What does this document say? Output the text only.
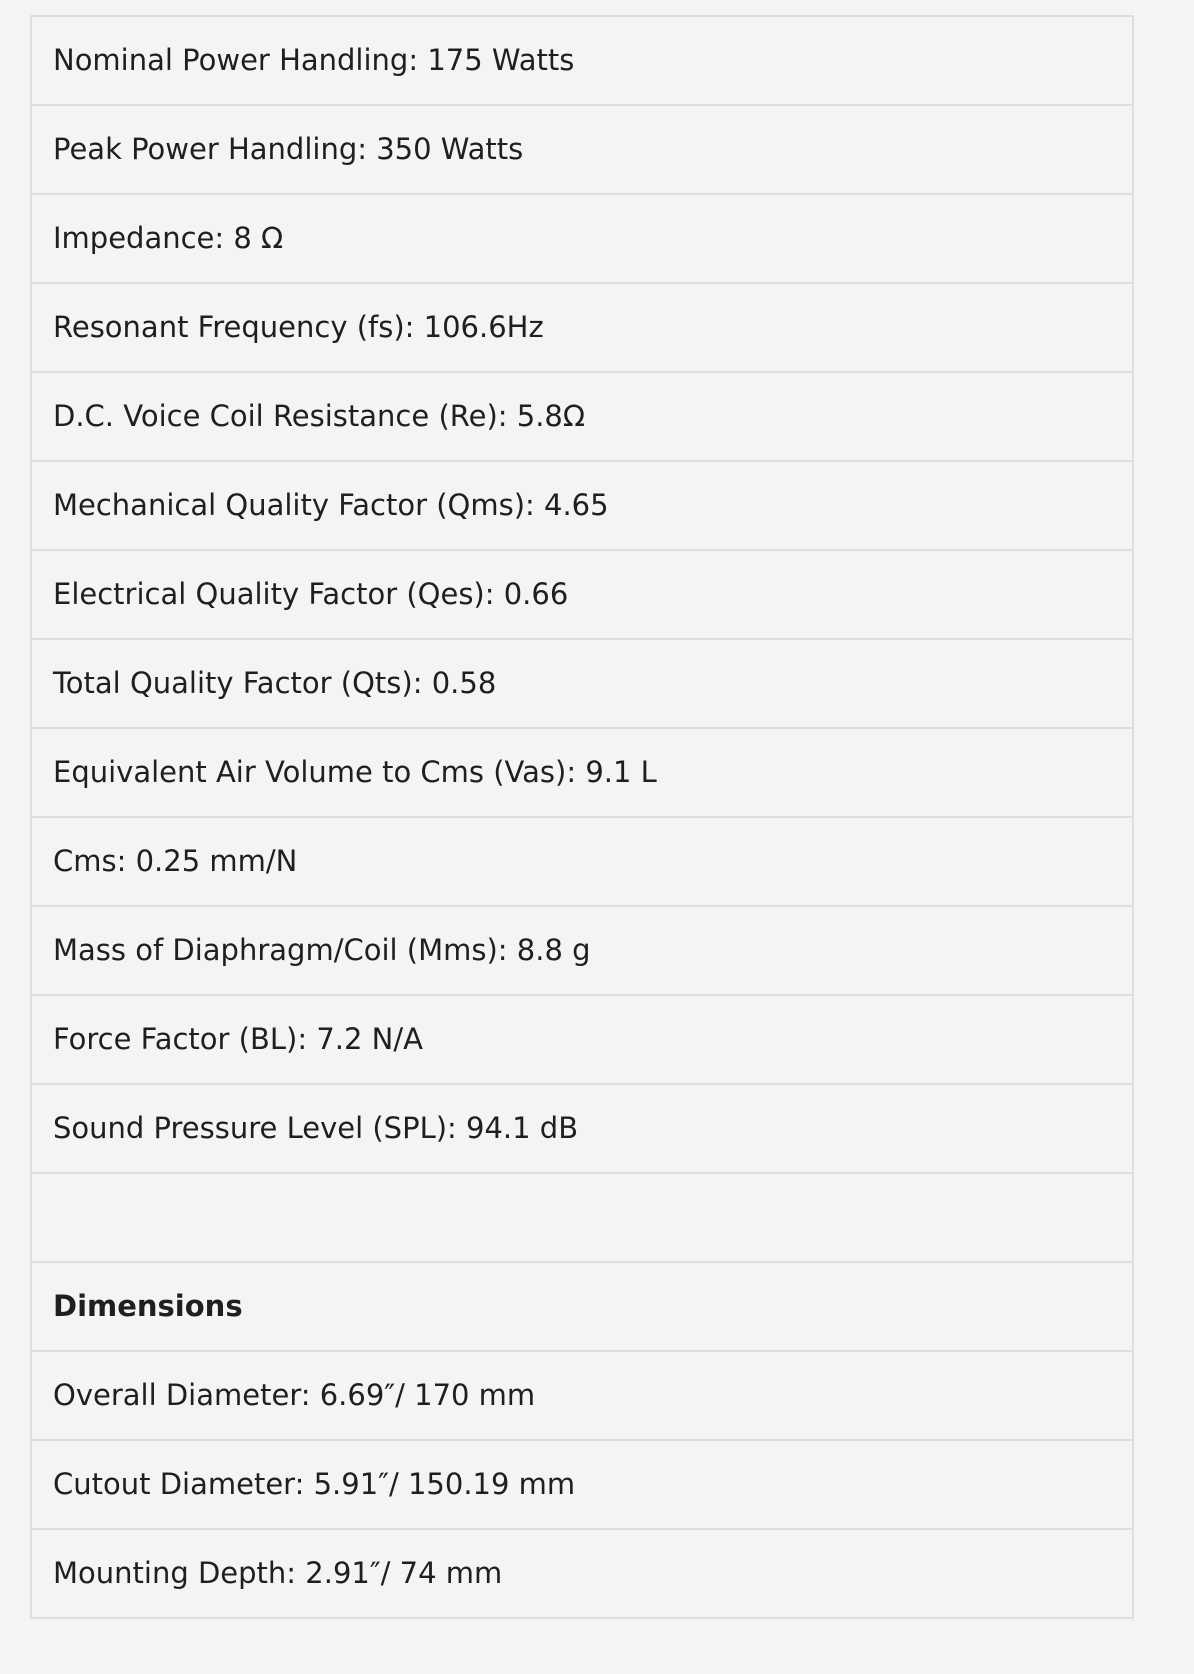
Nominal Power Handling: 175 Watts
Peak Power Handling: 350 Watts
Impedance: 8 Ω
Resonant Frequency (fs): 106.6Hz
D.C. Voice Coil Resistance (Re): 5.8Ω
Mechanical Quality Factor (Qms): 4.65
Electrical Quality Factor (Qes): 0.66
Total Quality Factor (Qts): 0.58
Equivalent Air Volume to Cms (Vas): 9.1 L
Cms: 0.25 mm/N
Mass of Diaphragm/Coil (Mms): 8.8 g
Force Factor (BL): 7.2 N/A
Sound Pressure Level (SPL): 94.1 dB

Dimensions
Overall Diameter: 6.69″/ 170 mm
Cutout Diameter: 5.91″/ 150.19 mm
Mounting Depth: 2.91″/ 74 mm
